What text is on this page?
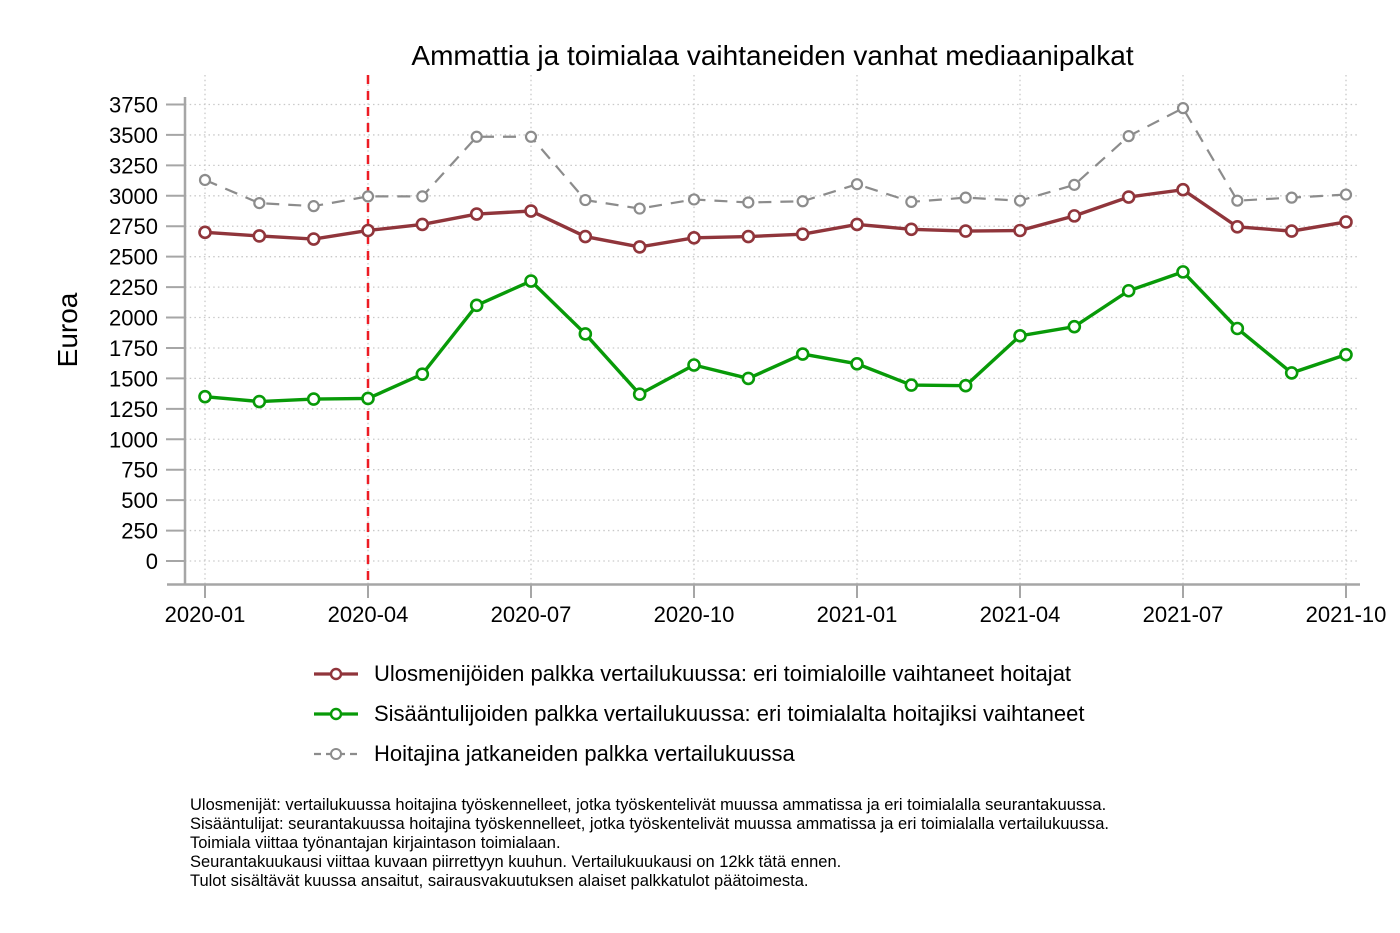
Ammattia ja toimialaa vaihtaneiden vanhat mediaanipalkat
Euroa
0
250
500
750
1000
1250
1500
1750
2000
2250
2500
2750
3000
3250
3500
3750
2020-01	2020-04	2020-07	2020-10	2021-01	2021-04	2021-07	2021-10
Ulosmenijöiden palkka vertailukuussa: eri toimialoille vaihtaneet hoitajat
Sisääntulijoiden palkka vertailukuussa: eri toimialalta hoitajiksi vaihtaneet
Hoitajina jatkaneiden palkka vertailukuussa
Ulosmenijät: vertailukuussa hoitajina työskennelleet, jotka työskentelivät muussa ammatissa ja eri toimialalla seurantakuussa.
Sisääntulijat: seurantakuussa hoitajina työskennelleet, jotka työskentelivät muussa ammatissa ja eri toimialalla vertailukuussa.
Toimiala viittaa työnantajan kirjaintason toimialaan.
Seurantakuukausi viittaa kuvaan piirrettyyn kuuhun. Vertailukuukausi on 12kk tätä ennen.
Tulot sisältävät kuussa ansaitut, sairausvakuutuksen alaiset palkkatulot päätoimesta.
